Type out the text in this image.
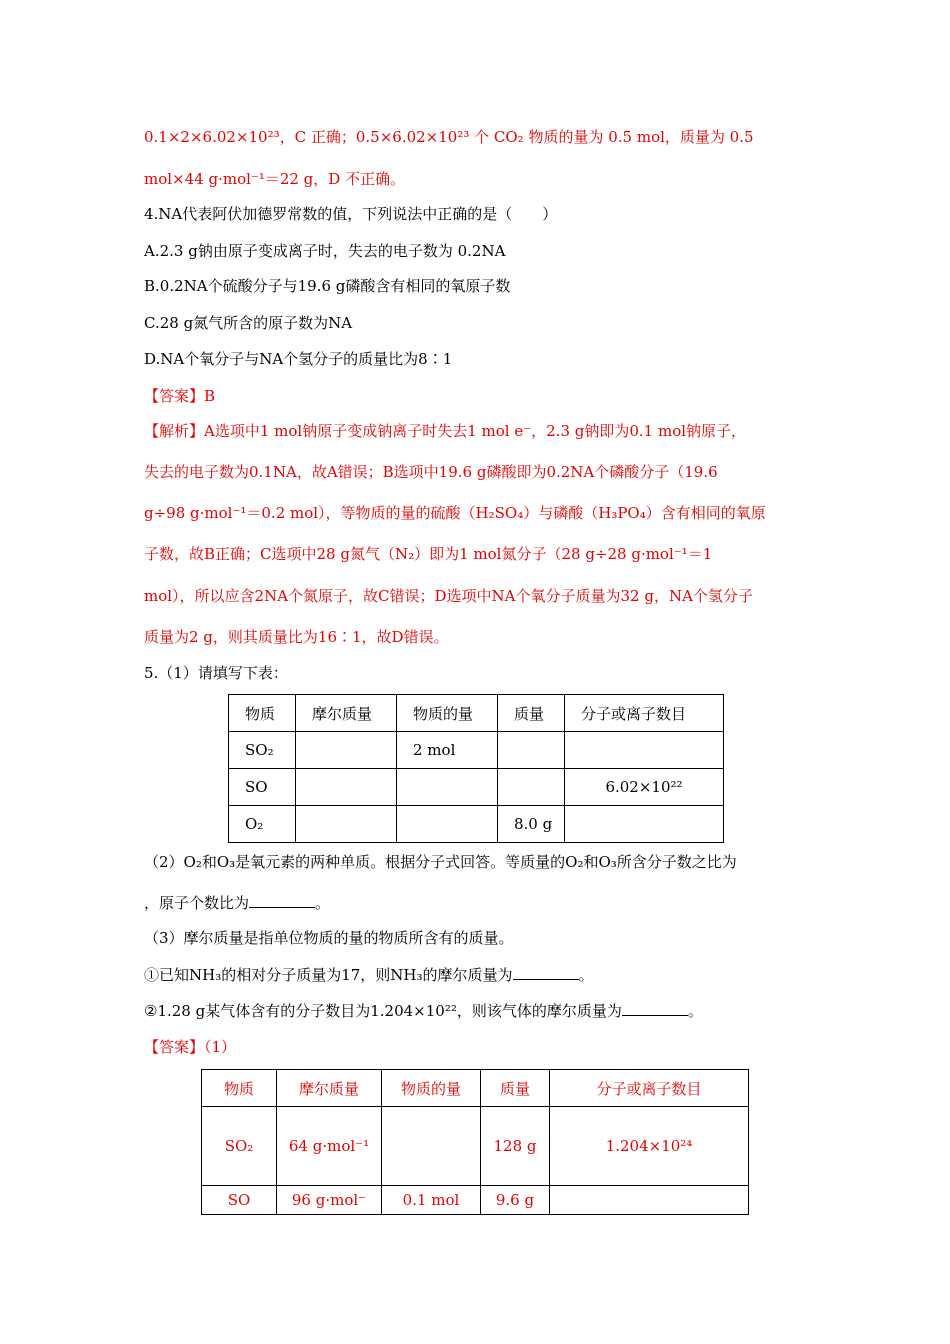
0.1×2×6.02×10²³，C 正确；0.5×6.02×10²³ 个 CO₂ 物质的量为 0.5 mol，质量为 0.5
mol×44 g·mol⁻¹＝22 g，D 不正确。
4.NA代表阿伏加德罗常数的值，下列说法中正确的是（　　）
A.2.3 g钠由原子变成离子时，失去的电子数为 0.2NA
B.0.2NA个硫酸分子与19.6 g磷酸含有相同的氧原子数
C.28 g氮气所含的原子数为NA
D.NA个氧分子与NA个氢分子的质量比为8∶1
【答案】B
【解析】A选项中1 mol钠原子变成钠离子时失去1 mol e⁻，2.3 g钠即为0.1 mol钠原子，
失去的电子数为0.1NA，故A错误；B选项中19.6 g磷酸即为0.2NA个磷酸分子（19.6
g÷98 g·mol⁻¹＝0.2 mol），等物质的量的硫酸（H₂SO₄）与磷酸（H₃PO₄）含有相同的氧原
子数，故B正确；C选项中28 g氮气（N₂）即为1 mol氮分子（28 g÷28 g·mol⁻¹＝1
mol），所以应含2NA个氮原子，故C错误；D选项中NA个氧分子质量为32 g，NA个氢分子
质量为2 g，则其质量比为16∶1，故D错误。
5.（1）请填写下表：
物质	摩尔质量	物质的量	质量	分子或离子数目
SO₂		2 mol		
SO				6.02×10²²
O₂			8.0 g	
（2）O₂和O₃是氧元素的两种单质。根据分子式回答。等质量的O₂和O₃所含分子数之比为
，原子个数比为	。
（3）摩尔质量是指单位物质的量的物质所含有的质量。
①已知NH₃的相对分子质量为17，则NH₃的摩尔质量为	。
②1.28 g某气体含有的分子数目为1.204×10²²，则该气体的摩尔质量为	。
【答案】（1）
物质	摩尔质量	物质的量	质量	分子或离子数目
SO₂	64 g·mol⁻¹		128 g	1.204×10²⁴
SO	96 g·mol⁻	0.1 mol	9.6 g	
